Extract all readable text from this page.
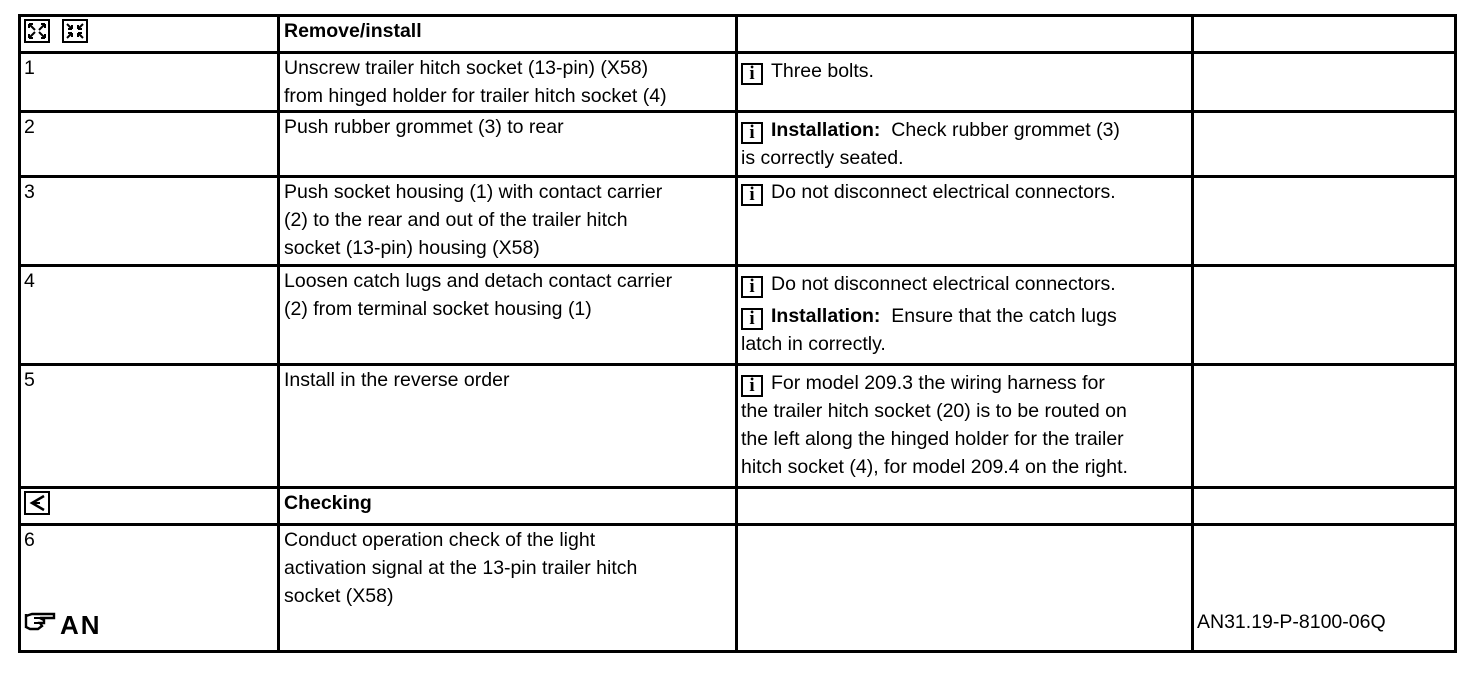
Remove/install		

1	Unscrew trailer hitch socket (13-pin) (X58)
from hinged holder for trailer hitch socket (4)	i Three bolts.	

2	Push rubber grommet (3) to rear	i Installation: Check rubber grommet (3)
is correctly seated.	

3	Push socket housing (1) with contact carrier
(2) to the rear and out of the trailer hitch
socket (13-pin) housing (X58)	i Do not disconnect electrical connectors.	

4	Loosen catch lugs and detach contact carrier
(2) from terminal socket housing (1)	i Do not disconnect electrical connectors.
i Installation: Ensure that the catch lugs
latch in correctly.	

5	Install in the reverse order	i For model 209.3 the wiring harness for
the trailer hitch socket (20) is to be routed on
the left along the hinged holder for the trailer
hitch socket (4), for model 209.4 on the right.	

Checking		

6
AN	Conduct operation check of the light
activation signal at the 13-pin trailer hitch
socket (X58)		AN31.19-P-8100-06Q
